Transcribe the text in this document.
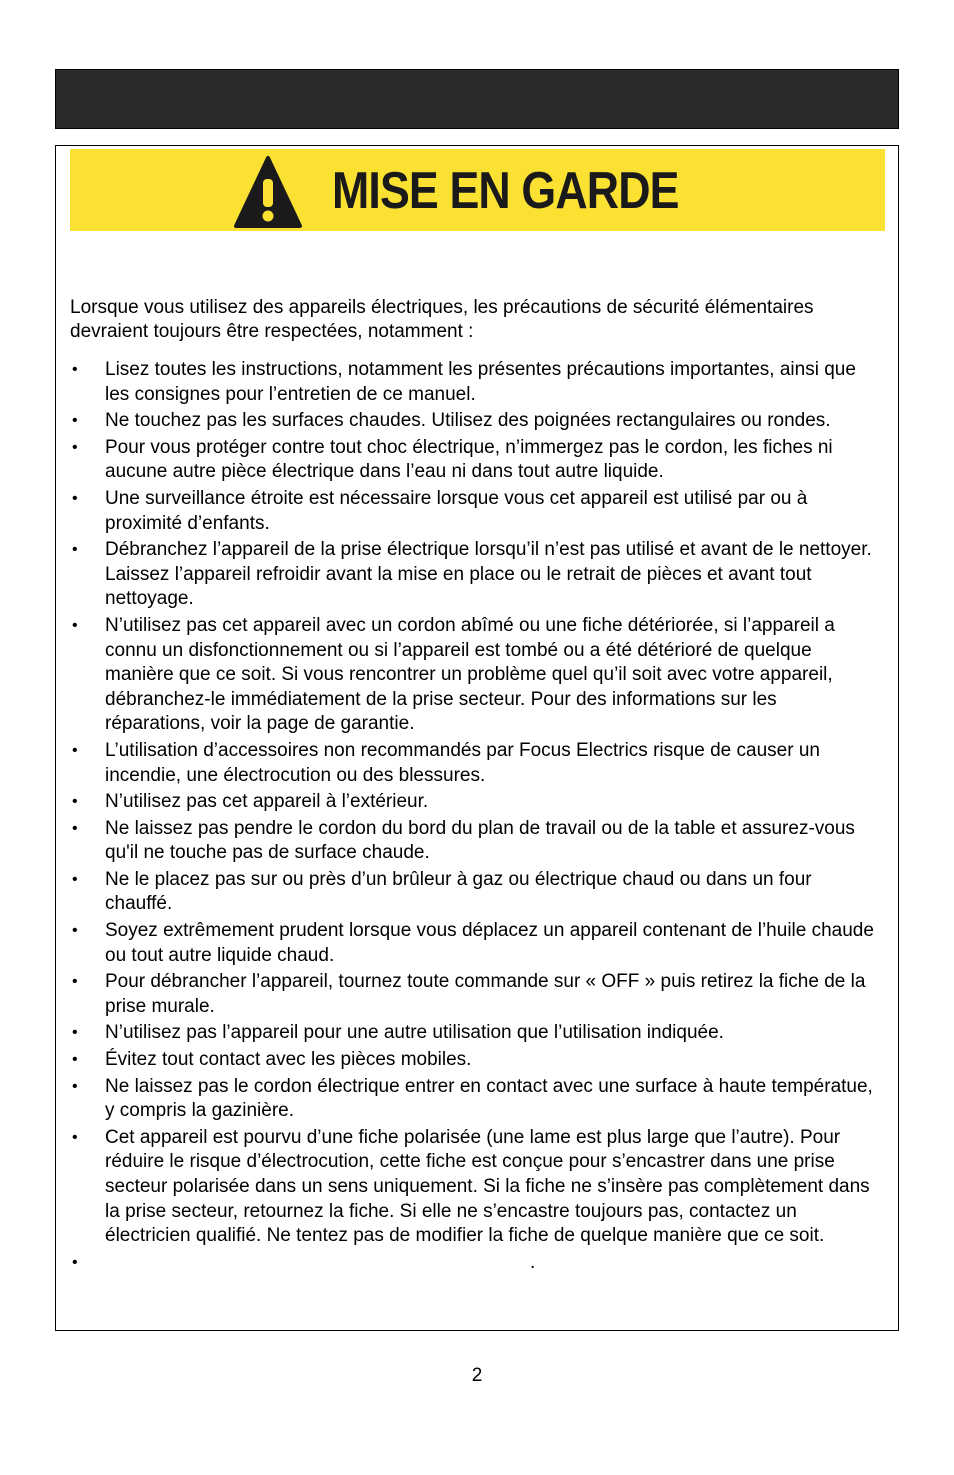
MISE EN GARDE
Lorsque vous utilisez des appareils électriques, les précautions de sécurité élémentaires devraient toujours être respectées, notamment :
• Lisez toutes les instructions, notamment les présentes précautions importantes, ainsi que les consignes pour l’entretien de ce manuel.
• Ne touchez pas les surfaces chaudes. Utilisez des poignées rectangulaires ou rondes.
• Pour vous protéger contre tout choc électrique, n’immergez pas le cordon, les fiches ni aucune autre pièce électrique dans l’eau ni dans tout autre liquide.
• Une surveillance étroite est nécessaire lorsque vous cet appareil est utilisé par ou à proximité d’enfants.
• Débranchez l’appareil de la prise électrique lorsqu’il n’est pas utilisé et avant de le nettoyer. Laissez l’appareil refroidir avant la mise en place ou le retrait de pièces et avant tout nettoyage.
• N’utilisez pas cet appareil avec un cordon abîmé ou une fiche détériorée, si l’appareil a connu un disfonctionnement ou si l’appareil est tombé ou a été détérioré de quelque manière que ce soit. Si vous rencontrer un problème quel qu’il soit avec votre appareil, débranchez-le immédiatement de la prise secteur. Pour des informations sur les réparations, voir la page de garantie.
• L’utilisation d’accessoires non recommandés par Focus Electrics risque de causer un incendie, une électrocution ou des blessures.
• N’utilisez pas cet appareil à l’extérieur.
• Ne laissez pas pendre le cordon du bord du plan de travail ou de la table et assurez-vous qu'il ne touche pas de surface chaude.
• Ne le placez pas sur ou près d’un brûleur à gaz ou électrique chaud ou dans un four chauffé.
• Soyez extrêmement prudent lorsque vous déplacez un appareil contenant de l’huile chaude ou tout autre liquide chaud.
• Pour débrancher l’appareil, tournez toute commande sur « OFF » puis retirez la fiche de la prise murale.
• N’utilisez pas l’appareil pour une autre utilisation que l’utilisation indiquée.
• Évitez tout contact avec les pièces mobiles.
• Ne laissez pas le cordon électrique entrer en contact avec une surface à haute températue, y compris la gazinière.
• Cet appareil est pourvu d’une fiche polarisée (une lame est plus large que l’autre). Pour réduire le risque d’électrocution, cette fiche est conçue pour s’encastrer dans une prise secteur polarisée dans un sens uniquement. Si la fiche ne s’insère pas complètement dans la prise secteur, retournez la fiche. Si elle ne s’encastre toujours pas, contactez un électricien qualifié. Ne tentez pas de modifier la fiche de quelque manière que ce soit.
•	.
2
